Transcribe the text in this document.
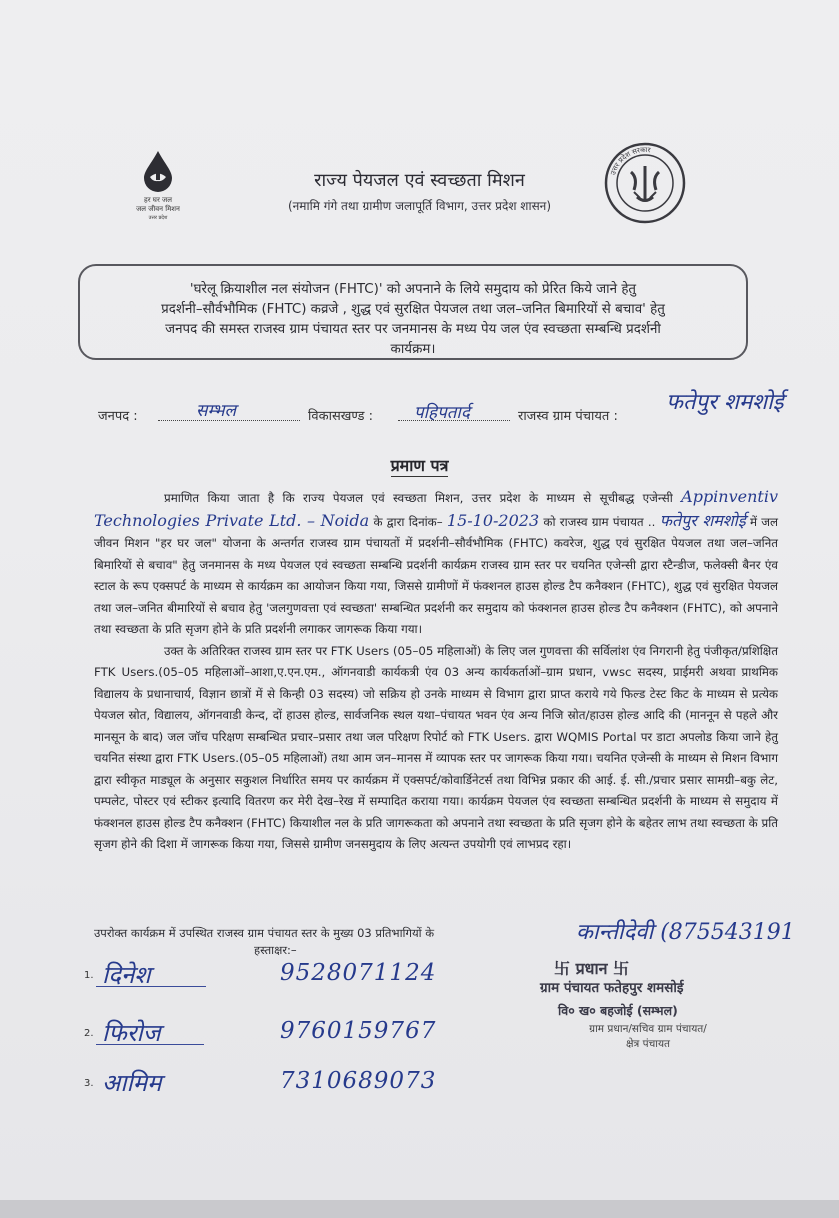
हर घर जल
जल जीवन मिशन
उत्तर प्रदेश
उत्तर प्रदेश सरकार
राज्य पेयजल एवं स्वच्छता मिशन
(नमामि गंगे तथा ग्रामीण जलापूर्ति विभाग, उत्तर प्रदेश शासन)
'घरेलू क्रियाशील नल संयोजन (FHTC)' को अपनाने के लिये समुदाय को प्रेरित किये जाने हेतु
प्रदर्शनी–सौर्वभौमिक (FHTC) कव्रजे , शुद्ध एवं सुरक्षित पेयजल तथा जल–जनित बिमारियों से बचाव' हेतु
जनपद की समस्त राजस्व ग्राम पंचायत स्तर पर जनमानस के मध्य पेय जल एंव स्वच्छता सम्बन्धि प्रदर्शनी
कार्यक्रम।
जनपद :	सम्भल	विकासखण्ड : पहिपतार्द	राजस्व ग्राम पंचायत :
फतेपुर शमशोई
प्रमाण पत्र

प्रमाणित किया जाता है कि राज्य पेयजल एवं स्वच्छता मिशन, उत्तर प्रदेश के माध्यम से सूचीबद्ध एजेन्सी Appinventiv Technologies Private Ltd. – Noida के द्वारा दिनांक– 15-10-2023 को राजस्व ग्राम पंचायत .. फतेपुर शमशोई में जल जीवन मिशन "हर घर जल" योजना के अन्तर्गत राजस्व ग्राम पंचायतों में प्रदर्शनी–सौर्वभौमिक (FHTC) कवरेज, शुद्ध एवं सुरक्षित पेयजल तथा जल–जनित बिमारियों से बचाव" हेतु जनमानस के मध्य पेयजल एवं स्वच्छता सम्बन्धि प्रदर्शनी कार्यक्रम राजस्व ग्राम स्तर पर चयनित एजेन्सी द्वारा स्टैन्डीज, फलेक्सी बैनर एंव स्टाल के रूप एक्सपर्ट के माध्यम से कार्यक्रम का आयोजन किया गया, जिससे ग्रामीणों में फंक्शनल हाउस होल्ड टैप कनैक्शन (FHTC), शुद्ध एवं सुरक्षित पेयजल तथा जल–जनित बीमारियों से बचाव हेतु 'जलगुणवत्ता एवं स्वच्छता' सम्बन्धित प्रदर्शनी कर समुदाय को फंक्शनल हाउस होल्ड टैप कनैक्शन (FHTC), को अपनाने तथा स्वच्छता के प्रति सृजग होने के प्रति प्रदर्शनी लगाकर जागरूक किया गया।

उक्त के अतिरिक्त राजस्व ग्राम स्तर पर FTK Users (05–05 महिलाओं) के लिए जल गुणवत्ता की सर्विलांश एंव निगरानी हेतु पंजीकृत/प्रशिक्षित FTK Users.(05–05 महिलाओं–आशा,ए.एन.एम., ऑगनवाडी कार्यकत्री एंव 03 अन्य कार्यकर्ताओं–ग्राम प्रधान, vwsc सदस्य, प्राईमरी अथवा प्राथमिक विद्यालय के प्रधानाचार्य, विज्ञान छात्रों में से किन्ही 03 सदस्य) जो सक्रिय हो उनके माध्यम से विभाग द्वारा प्राप्त कराये गये फिल्ड टेस्ट किट के माध्यम से प्रत्येक पेयजल स्रोत, विद्यालय, ऑगनवाडी केन्द, दों हाउस होल्ड, सार्वजनिक स्थल यथा–पंचायत भवन एंव अन्य निजि स्रोत/हाउस होल्ड आदि की (माननून से पहले और मानसून के बाद) जल जॉच परिक्षण सम्बन्धित प्रचार–प्रसार तथा जल परिक्षण रिपोर्ट को FTK Users. द्वारा WQMIS Portal पर डाटा अपलोड किया जाने हेतु चयनित संस्था द्वारा FTK Users.(05–05 महिलाओं) तथा आम जन–मानस में व्यापक स्तर पर जागरूक किया गया। चयनित एजेन्सी के माध्यम से मिशन विभाग द्वारा स्वीकृत माड्यूल के अनुसार सकुशल निर्धारित समय पर कार्यक्रम में एक्सपर्ट/कोवार्डिनेटर्स तथा विभिन्न प्रकार की आई. ई. सी./प्रचार प्रसार सामग्री–बकु लेट, पम्पलेट, पोस्टर एवं स्टीकर इत्यादि वितरण कर मेरी देख–रेख में सम्पादित कराया गया। कार्यक्रम पेयजल एंव स्वच्छता सम्बन्धित प्रदर्शनी के माध्यम से समुदाय में फंक्शनल हाउस होल्ड टैप कनैक्शन (FHTC) कियाशील नल के प्रति जागरूकता को अपनाने तथा स्वच्छता के प्रति सृजग होने के बहेतर लाभ तथा स्वच्छता के प्रति सृजग होने की दिशा में जागरूक किया गया, जिससे ग्रामीण जनसमुदाय के लिए अत्यन्त उपयोगी एवं लाभप्रद रहा।

उपरोक्त कार्यक्रम में उपस्थित राजस्व ग्राम पंचायत स्तर के मुख्य 03 प्रतिभागियों के
हस्ताक्षर:–
1. दिनेश	9528071124
2. फिरोज	9760159767
3. आमिम	7310689073
कान्तीदेवी (875543191
卐 प्रधान 卐
ग्राम पंचायत फतेहपुर शमसोई
वि० ख० बहजोई (सम्भल)
ग्राम प्रधान/सचिव ग्राम पंचायत/
क्षेत्र पंचायत
